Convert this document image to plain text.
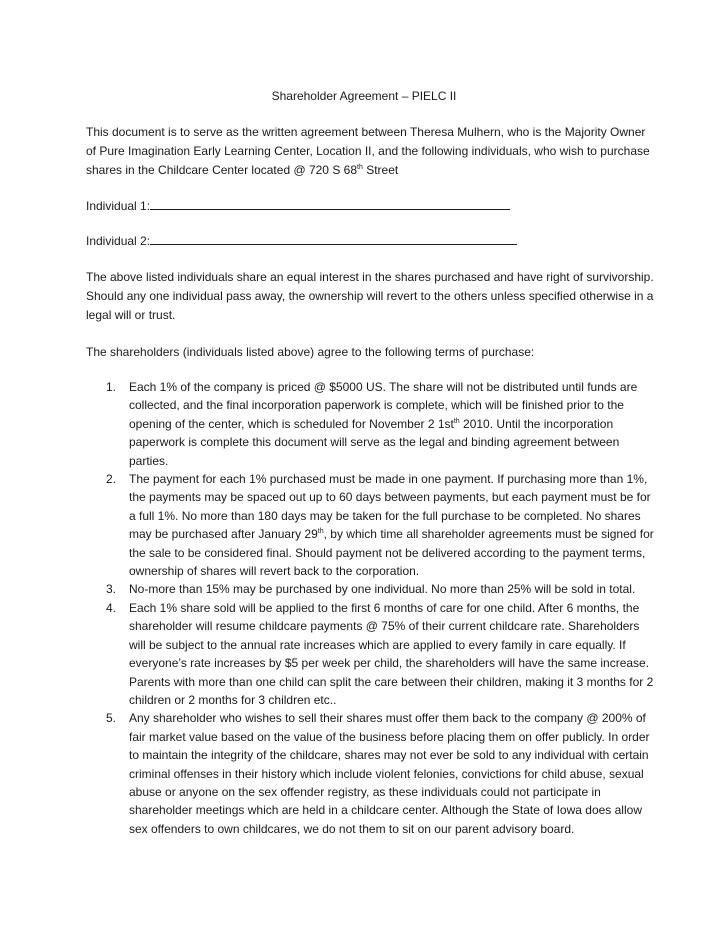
Shareholder Agreement – PIELC II
This document is to serve as the written agreement between Theresa Mulhern, who is the Majority Owner of Pure Imagination Early Learning Center, Location II, and the following individuals, who wish to purchase shares in the Childcare Center located @ 720 S 68th Street
Individual 1:
Individual 2:
The above listed individuals share an equal interest in the shares purchased and have right of survivorship. Should any one individual pass away, the ownership will revert to the others unless specified otherwise in a legal will or trust.
The shareholders (individuals listed above) agree to the following terms of purchase:
1. Each 1% of the company is priced @ $5000 US. The share will not be distributed until funds are collected, and the final incorporation paperwork is complete, which will be finished prior to the opening of the center, which is scheduled for November 2 $1st^{th}$ 2010. Until the incorporation paperwork is complete this document will serve as the legal and binding agreement between parties.
2. The payment for each 1% purchased must be made in one payment. If purchasing more than 1%, the payments may be spaced out up to 60 days between payments, but each payment must be for a full 1%. No more than 180 days may be taken for the full purchase to be completed. No shares may be purchased after January 29th, by which time all shareholder agreements must be signed for the sale to be considered final. Should payment not be delivered according to the payment terms, ownership of shares will revert back to the corporation.
3. No-more than 15% may be purchased by one individual. No more than 25% will be sold in total.
4. Each 1% share sold will be applied to the first 6 months of care for one child. After 6 months, the shareholder will resume childcare payments @ 75% of their current childcare rate. Shareholders will be subject to the annual rate increases which are applied to every family in care equally. If everyone’s rate increases by $5 per week per child, the shareholders will have the same increase. Parents with more than one child can split the care between their children, making it 3 months for 2 children or 2 months for 3 children etc..
5. Any shareholder who wishes to sell their shares must offer them back to the company @ 200% of fair market value based on the value of the business before placing them on offer publicly. In order to maintain the integrity of the childcare, shares may not ever be sold to any individual with certain criminal offenses in their history which include violent felonies, convictions for child abuse, sexual abuse or anyone on the sex offender registry, as these individuals could not participate in shareholder meetings which are held in a childcare center. Although the State of Iowa does allow sex offenders to own childcares, we do not them to sit on our parent advisory board.
